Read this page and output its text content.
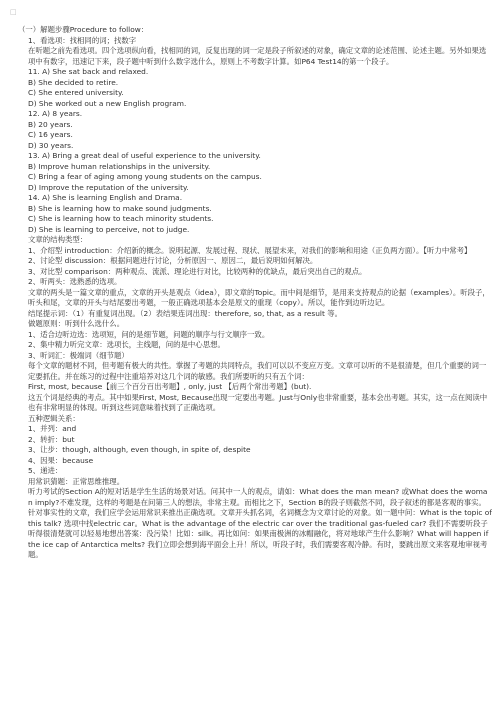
□
（一）解题步骤Procedure to follow：
1、看选项：找相同的词；找数字
在听题之前先看选项。四个选项纵向看，找相同的词，反复出现的词一定是段子所叙述的对象，确定文章的论述范围、论述主题。另外如果选项中有数字，迅速记下来，段子题中听到什么数字选什么，原则上不考数字计算。如P64 Test14的第一个段子。
11. A) She sat back and relaxed.
B) She decided to retire.
C) She entered university.
D) She worked out a new English program.
12. A) 8 years.
B) 20 years.
C) 16 years.
D) 30 years.
13. A) Bring a great deal of useful experience to the university.
B) Improve human relationships in the university.
C) Bring a fear of aging among young students on the campus.
D) Improve the reputation of the university.
14. A) She is learning English and Drama.
B) She is learning how to make sound judgments.
C) She is learning how to teach minority students.
D) She is learning to perceive, not to judge.
文章的结构类型：
1、介绍型 introduction：介绍新的概念。说明起源、发展过程、现状、展望未来，对我们的影响和用途（正负两方面）。【听力中常考】
2、讨论型 discussion：根据问题进行讨论，分析原因一、原因二，最后说明如何解决。
3、对比型 comparison：两种观点、流派、理论进行对比，比较两种的优缺点，最后突出自己的观点。
2、听两头：选熟悉的选项。
文章的两头是一篇文章的重点，文章的开头是观点（idea），即文章的Topic。而中间是细节，是用来支持观点的论据（examples）。听段子，听头和尾，文章的开头与结尾要出考题，一般正确选项基本会是原文的重现（copy）。所以，能作到边听边记。
结尾提示词：（1）有重复词出现。（2）表结果连词出现：therefore, so, that, as a result 等。
做题原则：听到什么选什么。
1、适合边听边选：选项短，问的是细节题，问题的顺序与行文顺序一致。
2、集中精力听完文章：选项长，主线题，问的是中心思想。
3、听词汇：极端词（细节题）
每个文章的题材不同，但考题有极大的共性。掌握了考题的共同特点，我们可以以不变应万变。文章可以听的不是很清楚，但几个重要的词一定要抓住。并在练习的过程中注重培养对这几个词的敏感。我们所要听的只有五个词：
First, most, because【前三个百分百出考题】, only, just 【后两个常出考题】(but).
这五个词是经典的考点。其中如果First, Most, Because出现一定要出考题。Just与Only也非常重要，基本会出考题。其实，这一点在阅读中也有非常明显的体现。听到这些词意味着找到了正确选项。
五种逻辑关系：
1、并列：and
2、转折：but
3、让步：though, although, even though, in spite of, despite
4、因果：because
5、递进：
用常识猜题：正常思维推理。
听力考试的Section A的短对话是学生生活的场景对话。问其中一人的观点，请如：What does the man mean? 或What does the woman imply?不难发现，这样的考题是在问第三人的想法，非常主观。而相比之下，Section B的段子则截然不同，段子叙述的都是客观的事实。针对事实性的文章，我们应学会运用常识来推出正确选项。文章开头抓名词，名词概念为文章讨论的对象。如一题中问：What is the topic of this talk? 选项中找electric car。What is the advantage of the electric car over the traditional gas-fueled car? 我们不需要听段子听得很清楚就可以轻易地想出答案：没污染！比如：silk。再比如问：如果南极洲的冰帽融化，将对地球产生什么影响？What will happen if the ice cap of Antarctica melts? 我们立即会想到海平面会上升！所以，听段子时，我们需要客观冷静。有时，要跳出原文来客观地审视考题。
